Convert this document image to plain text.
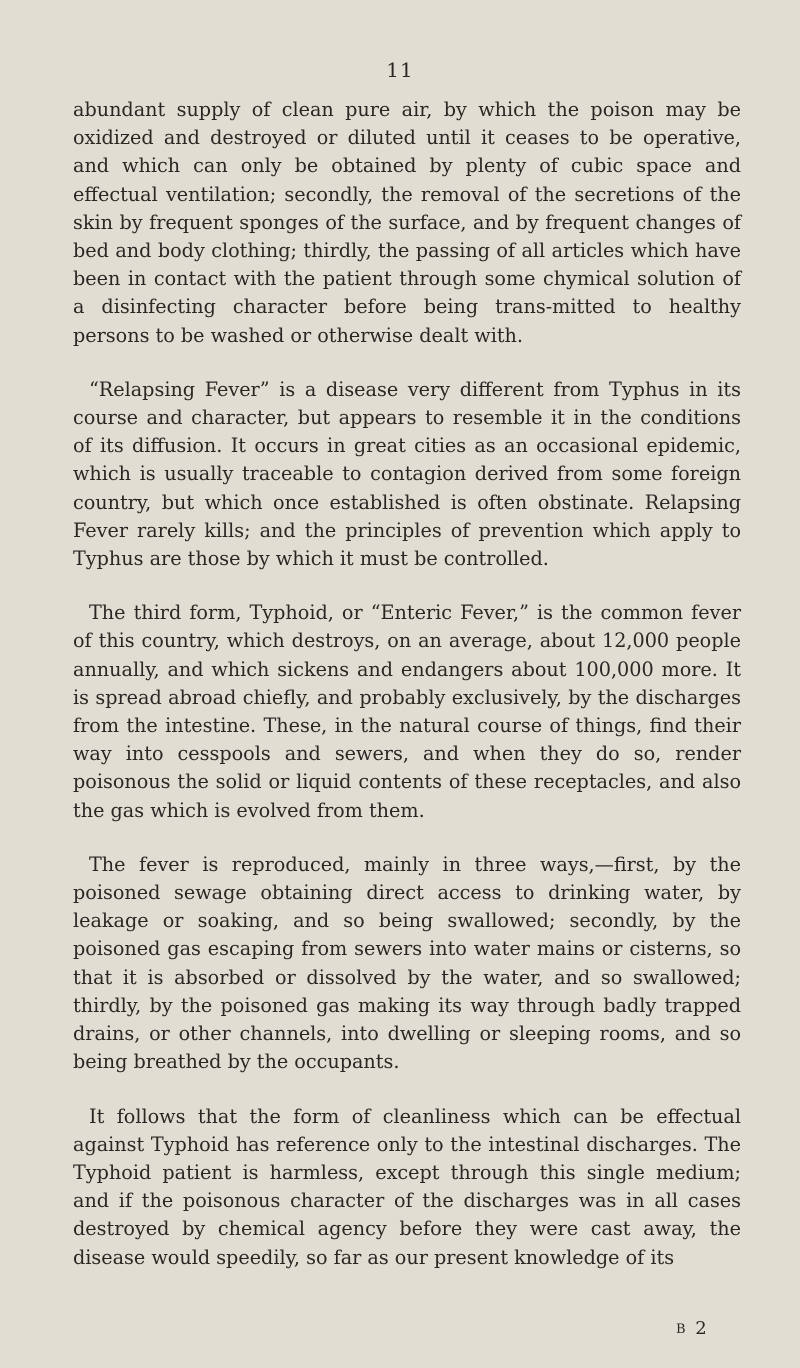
11

abundant supply of clean pure air, by which the poison may be oxidized and destroyed or diluted until it ceases to be operative, and which can only be obtained by plenty of cubic space and effectual ventilation; secondly, the removal of the secretions of the skin by frequent sponges of the surface, and by frequent changes of bed and body clothing; thirdly, the passing of all articles which have been in contact with the patient through some chymical solution of a disinfecting character before being trans-mitted to healthy persons to be washed or otherwise dealt with.

“Relapsing Fever” is a disease very different from Typhus in its course and character, but appears to resemble it in the conditions of its diffusion. It occurs in great cities as an occasional epidemic, which is usually traceable to contagion derived from some foreign country, but which once established is often obstinate. Relapsing Fever rarely kills; and the principles of prevention which apply to Typhus are those by which it must be controlled.

The third form, Typhoid, or “Enteric Fever,” is the common fever of this country, which destroys, on an average, about 12,000 people annually, and which sickens and endangers about 100,000 more. It is spread abroad chiefly, and probably exclusively, by the discharges from the intestine. These, in the natural course of things, find their way into cesspools and sewers, and when they do so, render poisonous the solid or liquid contents of these receptacles, and also the gas which is evolved from them.

The fever is reproduced, mainly in three ways,—first, by the poisoned sewage obtaining direct access to drinking water, by leakage or soaking, and so being swallowed; secondly, by the poisoned gas escaping from sewers into water mains or cisterns, so that it is absorbed or dissolved by the water, and so swallowed; thirdly, by the poisoned gas making its way through badly trapped drains, or other channels, into dwelling or sleeping rooms, and so being breathed by the occupants.

It follows that the form of cleanliness which can be effectual against Typhoid has reference only to the intestinal discharges. The Typhoid patient is harmless, except through this single medium; and if the poisonous character of the discharges was in all cases destroyed by chemical agency before they were cast away, the disease would speedily, so far as our present knowledge of its

B 2
